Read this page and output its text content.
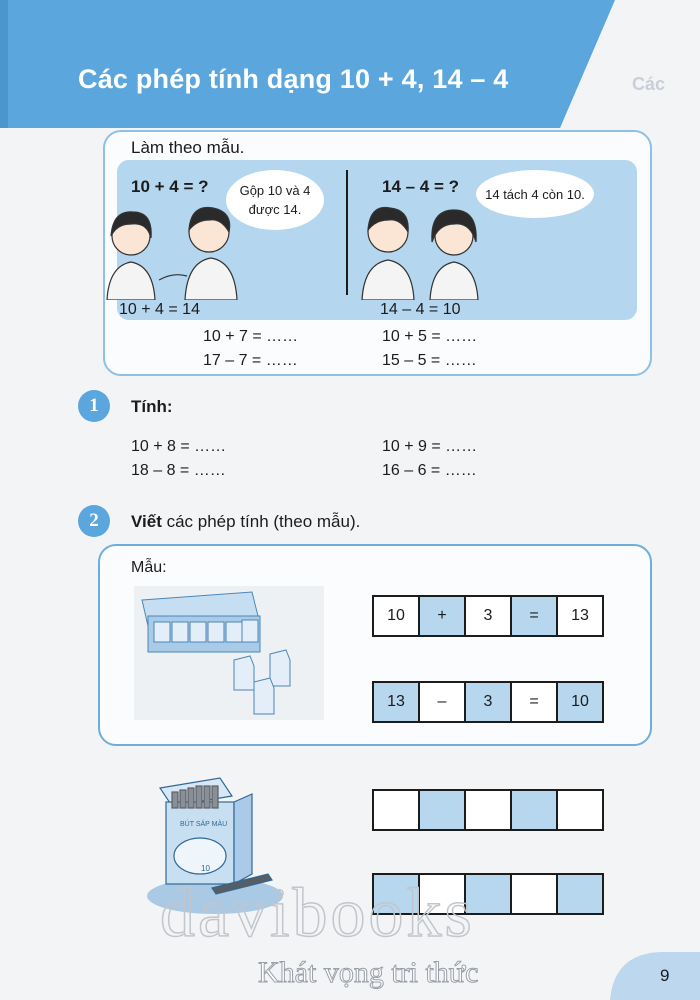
Các phép tính dạng 10 + 4, 14 – 4	Các
Làm theo mẫu.
10 + 4 = ?	Gộp 10 và 4 được 14.
14 – 4 = ?	14 tách 4 còn 10.
10 + 4 = 14	14 – 4 = 10
10 + 7 = ……	10 + 5 = ……
17 – 7 = ……	15 – 5 = ……
1	Tính:
10 + 8 = ……	10 + 9 = ……
18 – 8 = ……	16 – 6 = ……
2	Viết các phép tính (theo mẫu).
Mẫu:
10	+	3	=	13
13	–	3	=	10
BÚT SÁP MÀU
10
davibooks
Khát vọng tri thức	9
